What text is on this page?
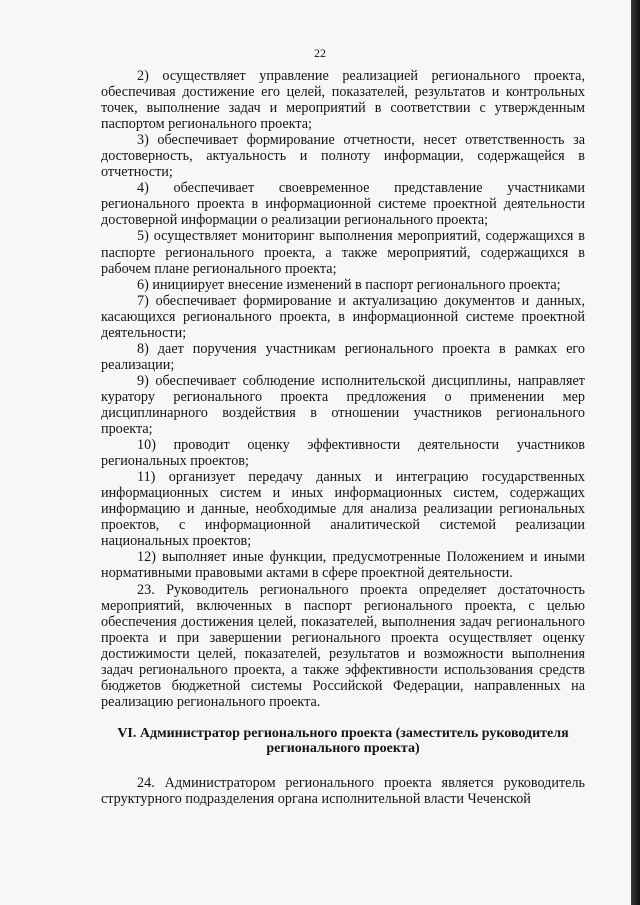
22

2) осуществляет управление реализацией регионального проекта, обеспечивая достижение его целей, показателей, результатов и контрольных точек, выполнение задач и мероприятий в соответствии с утвержденным паспортом регионального проекта;

3) обеспечивает формирование отчетности, несет ответственность за достоверность, актуальность и полноту информации, содержащейся в отчетности;

4) обеспечивает своевременное представление участниками регионального проекта в информационной системе проектной деятельности достоверной информации о реализации регионального проекта;

5) осуществляет мониторинг выполнения мероприятий, содержащихся в паспорте регионального проекта, а также мероприятий, содержащихся в рабочем плане регионального проекта;

6) инициирует внесение изменений в паспорт регионального проекта;

7) обеспечивает формирование и актуализацию документов и данных, касающихся регионального проекта, в информационной системе проектной деятельности;

8) дает поручения участникам регионального проекта в рамках его реализации;

9) обеспечивает соблюдение исполнительской дисциплины, направляет куратору регионального проекта предложения о применении мер дисциплинарного воздействия в отношении участников регионального проекта;

10) проводит оценку эффективности деятельности участников региональных проектов;

11) организует передачу данных и интеграцию государственных информационных систем и иных информационных систем, содержащих информацию и данные, необходимые для анализа реализации региональных проектов, с информационной аналитической системой реализации национальных проектов;

12) выполняет иные функции, предусмотренные Положением и иными нормативными правовыми актами в сфере проектной деятельности.

23. Руководитель регионального проекта определяет достаточность мероприятий, включенных в паспорт регионального проекта, с целью обеспечения достижения целей, показателей, выполнения задач регионального проекта и при завершении регионального проекта осуществляет оценку достижимости целей, показателей, результатов и возможности выполнения задач регионального проекта, а также эффективности использования средств бюджетов бюджетной системы Российской Федерации, направленных на реализацию регионального проекта.

VI. Администратор регионального проекта (заместитель руководителя
регионального проекта)

24. Администратором регионального проекта является руководитель структурного подразделения органа исполнительной власти Чеченской
